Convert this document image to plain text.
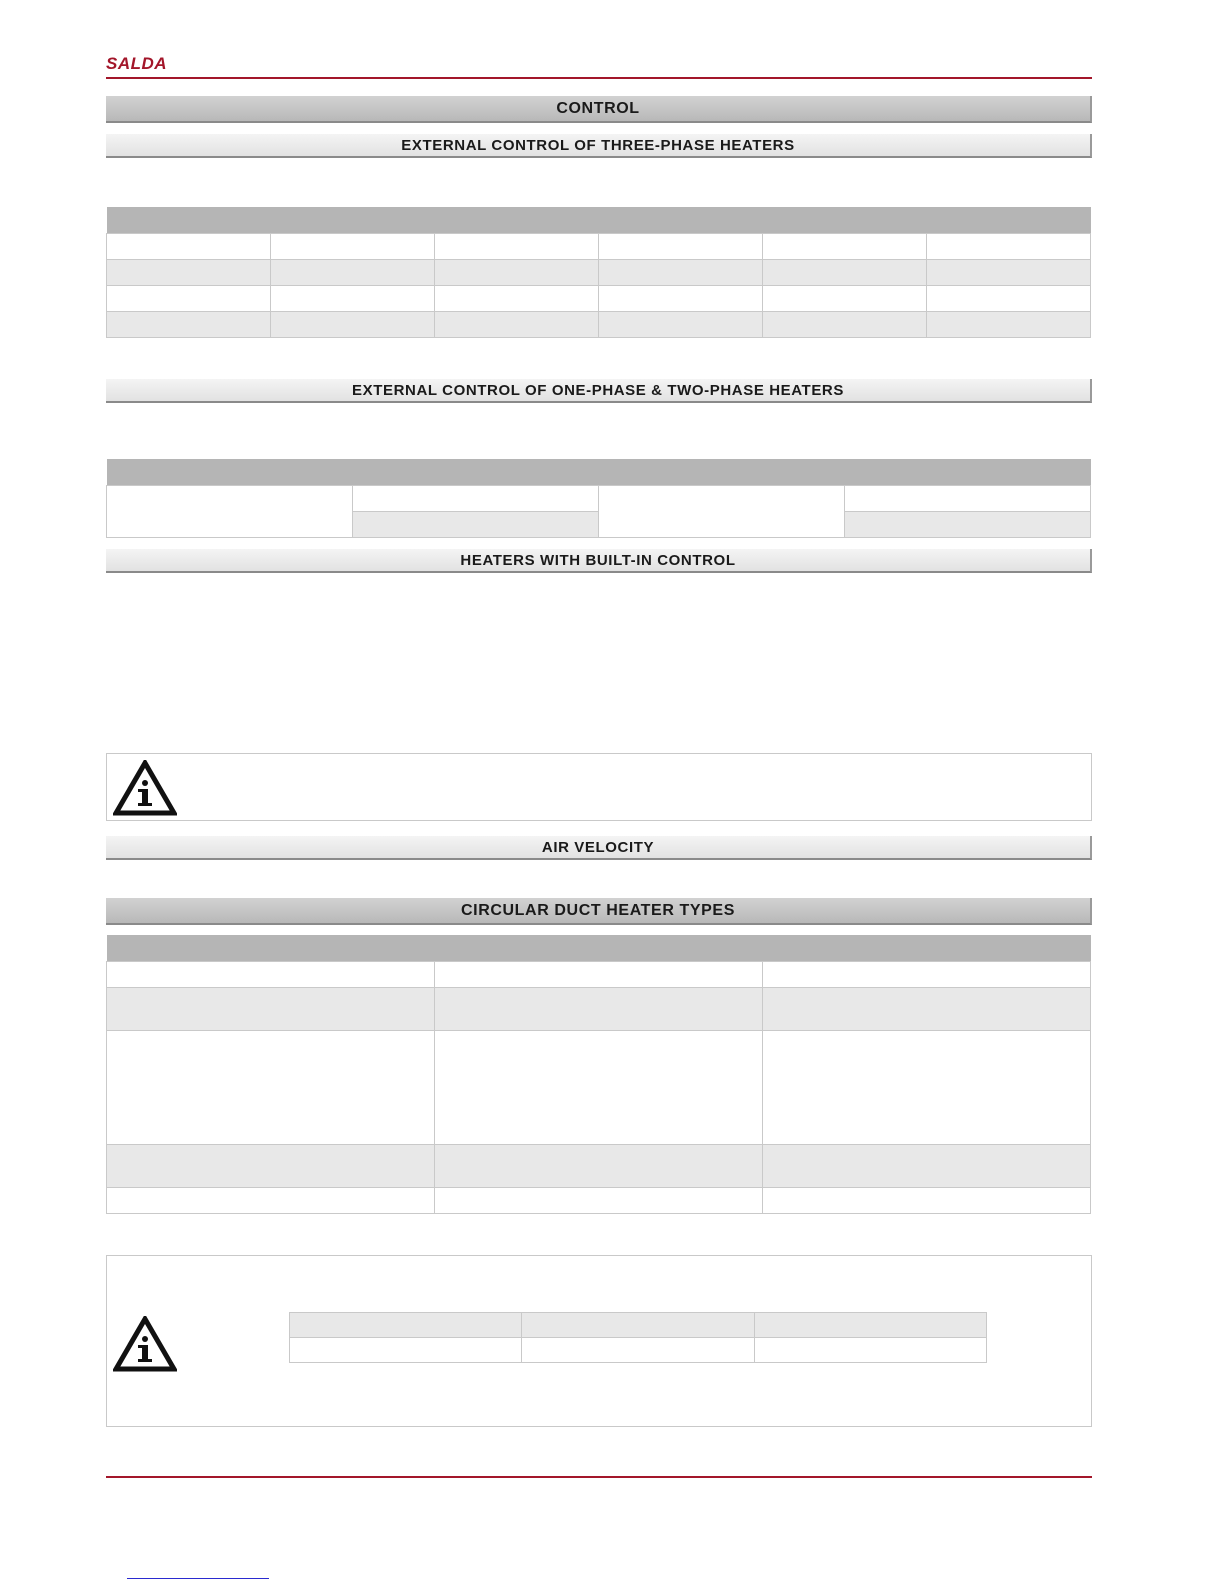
SALDA
CONTROL
EXTERNAL CONTROL OF THREE-PHASE HEATERS

EXTERNAL CONTROL OF ONE-PHASE & TWO-PHASE HEATERS

HEATERS WITH BUILT-IN CONTROL
AIR VELOCITY
CIRCULAR DUCT HEATER TYPES
